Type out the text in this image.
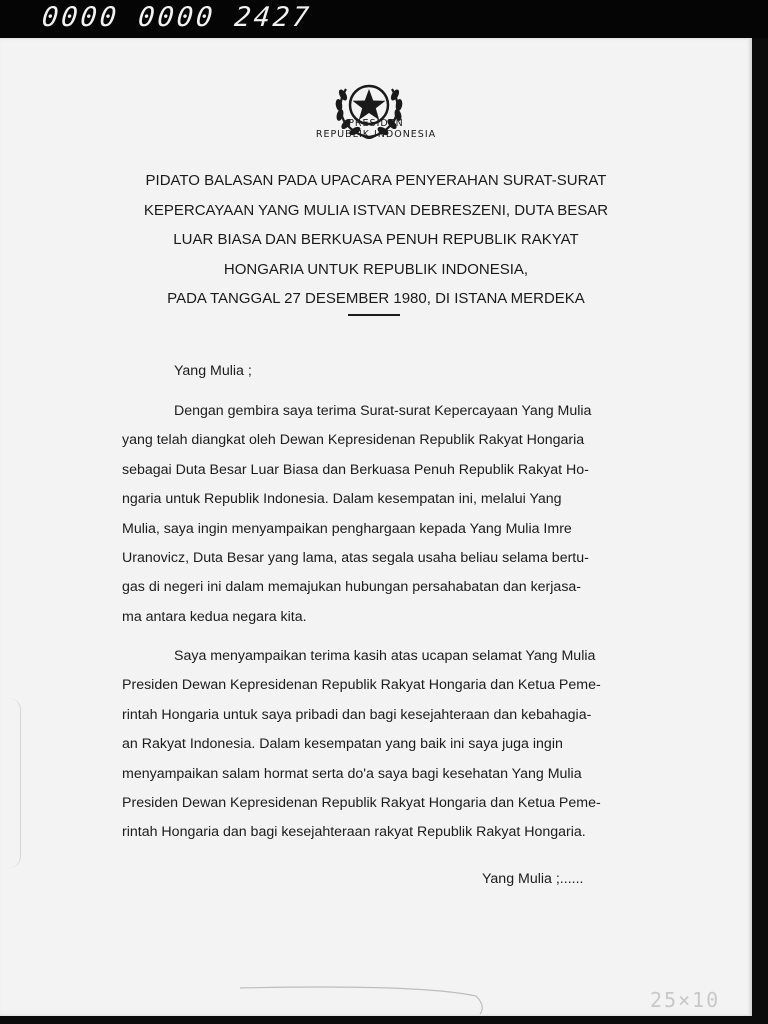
0000 0000 2427
PRESIDEN
REPUBLIK INDONESIA
PIDATO BALASAN PADA UPACARA PENYERAHAN SURAT-SURAT
KEPERCAYAAN YANG MULIA ISTVAN DEBRESZENI, DUTA BESAR
LUAR BIASA DAN BERKUASA PENUH REPUBLIK RAKYAT
HONGARIA UNTUK REPUBLIK INDONESIA,
PADA TANGGAL 27 DESEMBER 1980, DI ISTANA MERDEKA
Yang Mulia ;
Dengan gembira saya terima Surat-surat Kepercayaan Yang Mulia
yang telah diangkat oleh Dewan Kepresidenan Republik Rakyat Hongaria
sebagai Duta Besar Luar Biasa dan Berkuasa Penuh Republik Rakyat Ho-
ngaria untuk Republik Indonesia. Dalam kesempatan ini, melalui Yang
Mulia, saya ingin menyampaikan penghargaan kepada Yang Mulia Imre
Uranovicz, Duta Besar yang lama, atas segala usaha beliau selama bertu-
gas di negeri ini dalam memajukan hubungan persahabatan dan kerjasa-
ma antara kedua negara kita.
Saya menyampaikan terima kasih atas ucapan selamat Yang Mulia
Presiden Dewan Kepresidenan Republik Rakyat Hongaria dan Ketua Peme-
rintah Hongaria untuk saya pribadi dan bagi kesejahteraan dan kebahagia-
an Rakyat Indonesia. Dalam kesempatan yang baik ini saya juga ingin
menyampaikan salam hormat serta do'a saya bagi kesehatan Yang Mulia
Presiden Dewan Kepresidenan Republik Rakyat Hongaria dan Ketua Peme-
rintah Hongaria dan bagi kesejahteraan rakyat Republik Rakyat Hongaria.
Yang Mulia ;......
25×10
